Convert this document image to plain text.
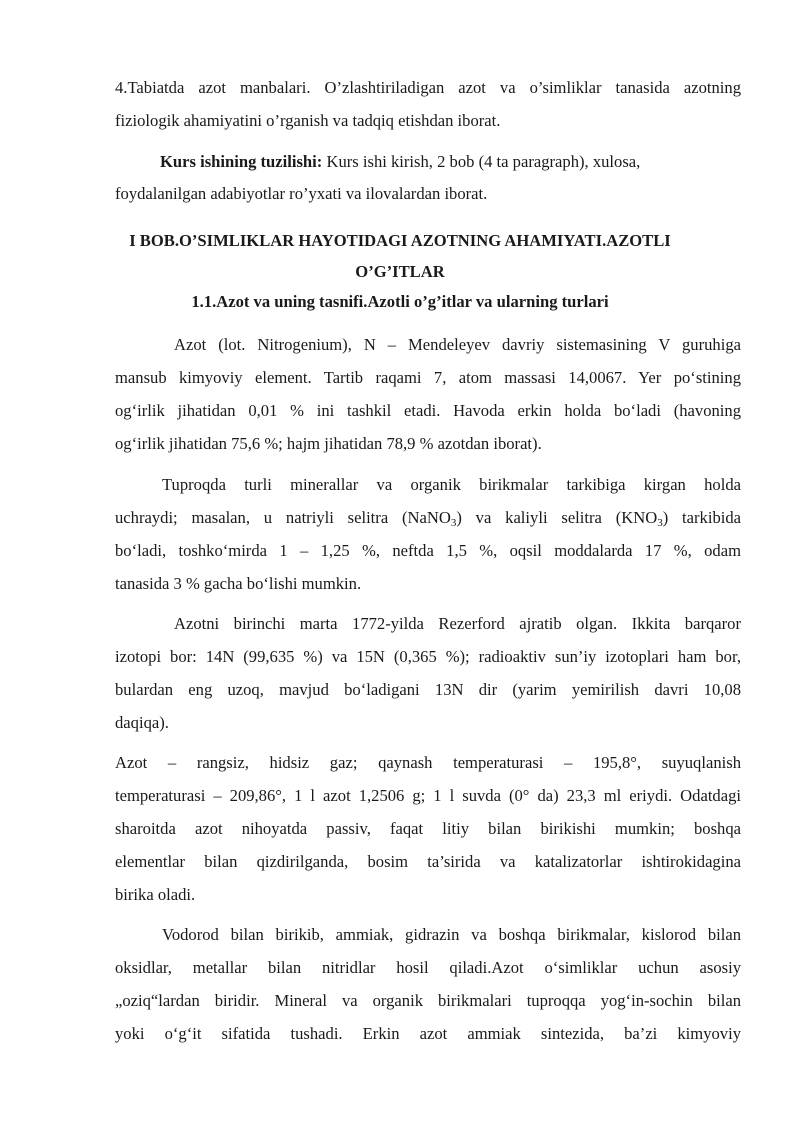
4.Tabiatda azot manbalari. O’zlashtiriladigan azot va o’simliklar tanasida azotning
fiziologik ahamiyatini o’rganish va tadqiq etishdan iborat.
Kurs ishining tuzilishi: Kurs ishi kirish, 2 bob (4 ta paragraph), xulosa,
foydalanilgan adabiyotlar ro’yxati va ilovalardan iborat.
I BOB.O’SIMLIKLAR HAYOTIDAGI AZOTNING AHAMIYATI.AZOTLI
O’G’ITLAR
1.1.Azot va uning tasnifi.Azotli o’g’itlar va ularning turlari
Azot (lot. Nitrogenium), N – Mendeleyev davriy sistemasining V guruhiga
mansub kimyoviy element. Tartib raqami 7, atom massasi 14,0067. Yer po‘stining
og‘irlik jihatidan 0,01 % ini tashkil etadi. Havoda erkin holda bo‘ladi (havoning
og‘irlik jihatidan 75,6 %; hajm jihatidan 78,9 % azotdan iborat).
Tuproqda turli minerallar va organik birikmalar tarkibiga kirgan holda
uchraydi; masalan, u natriyli selitra (NaNO$_3$) va kaliyli selitra $(KNO_3)$ tarkibida
bo‘ladi, toshko‘mirda 1 – 1,25 %, neftda 1,5 %, oqsil moddalarda 17 %, odam
tanasida 3 % gacha bo‘lishi mumkin.
Azotni birinchi marta 1772-yilda Rezerford ajratib olgan. Ikkita barqaror
izotopi bor: 14N (99,635 %) va 15N (0,365 %); radioaktiv sun’iy izotoplari ham bor,
bulardan eng uzoq, mavjud bo‘ladigani 13N dir (yarim yemirilish davri 10,08
daqiqa).
Azot – rangsiz, hidsiz gaz; qaynash temperaturasi – 195,8°, suyuqlanish
temperaturasi – 209,86°, 1 l azot 1,2506 g; 1 l suvda (0° da) 23,3 ml eriydi. Odatdagi
sharoitda azot nihoyatda passiv, faqat litiy bilan birikishi mumkin; boshqa
elementlar bilan qizdirilganda, bosim ta’sirida va katalizatorlar ishtirokidagina
birika oladi.
Vodorod bilan birikib, ammiak, gidrazin va boshqa birikmalar, kislorod bilan
oksidlar, metallar bilan nitridlar hosil qiladi.Azot o‘simliklar uchun asosiy
„oziq“lardan biridir. Mineral va organik birikmalari tuproqqa yog‘in-sochin bilan
yoki o‘g‘it sifatida tushadi. Erkin azot ammiak sintezida, ba’zi kimyoviy
